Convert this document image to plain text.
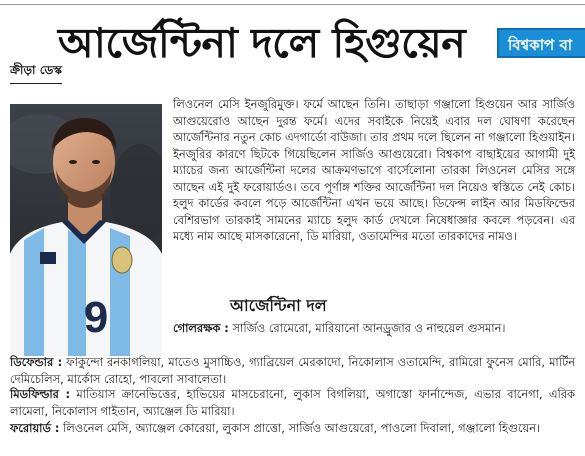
আর্জেন্টিনা দলে হিগুয়েন	বিশ্বকাপ বা
ক্রীড়া ডেস্ক
9

লিওনেল মেসি ইনজুরিমুক্ত। ফর্মে আছেন তিনি। তাছাড়া গঞ্জালো হিগুয়েন আর সার্জিও আগুয়েরোও আছেন দুরন্ত ফর্মে। এদের সবাইকে নিয়েই এবার দল ঘোষণা করেছেন আর্জেন্টিনার নতুন কোচ এদগার্ডো বাউজা। তার প্রথম দলে ছিলেন না গঞ্জালো হিগুয়াইন। ইনজুরির কারণে ছিটকে গিয়েছিলেন সার্জিও আগুয়েরো। বিশ্বকাপ বাছাইয়ের আগামী দুই ম্যাচের জন্য আর্জেন্টিনা দলের আক্রমণভাগে বার্সেলোনা তারকা লিওনেল মেসির সঙ্গে আছেন এই দুই ফরোয়ার্ডও। তবে পূর্ণাঙ্গ শক্তির আর্জেন্টিনা দল নিয়েও স্বস্তিতে নেই কোচ। হলুদ কার্ডের কবলে পড়ে আর্জেন্টিনা এখন ভয়ে আছে। ডিফেন্স লাইন আর মিডফিল্ডের বেশিরভাগ তারকাই সামনের ম্যাচে হলুদ কার্ড দেখলে নিষেধাজ্ঞার কবলে পড়বেন। এর মধ্যে নাম আছে মাসকারেনো, ডি মারিয়া, ওতামেন্দির মতো তারকাদের নামও।

আর্জেন্টিনা দল

গোলরক্ষক : সার্জিও রোমেরো, মারিয়ানো আনড্রুজার ও নাহুয়েল গুসমান।

ডিফেন্ডার : ফাকুন্দো রনকাগলিয়া, মাতেও মুসাচ্চিও, গ্যাব্রিয়েল মেরকাদো, নিকোলাস ওতামেন্দি, রামিরো ফুনেস মোরি, মার্টিন দেমিচেলিস, মার্কোস রোহো, পাবলো সাবালেতা।

মিডফিল্ডার : মাতিয়াস ক্রানেভিত্তের, হাভিয়ের মাসচেরানো, লুকাস বিগলিয়া, অগাস্তো ফার্নান্দেজ, এভার বানেগা, এরিক লামেলা, নিকোলাস গাইতান, অ্যাঞ্জেল ডি মারিয়া।

ফরোয়ার্ড : লিওনেল মেসি, অ্যাঞ্জেল কোরেয়া, লুকাস প্রাত্তো, সার্জিও আগুয়েরো, পাওলো দিবালা, গঞ্জালো হিগুয়েন।
